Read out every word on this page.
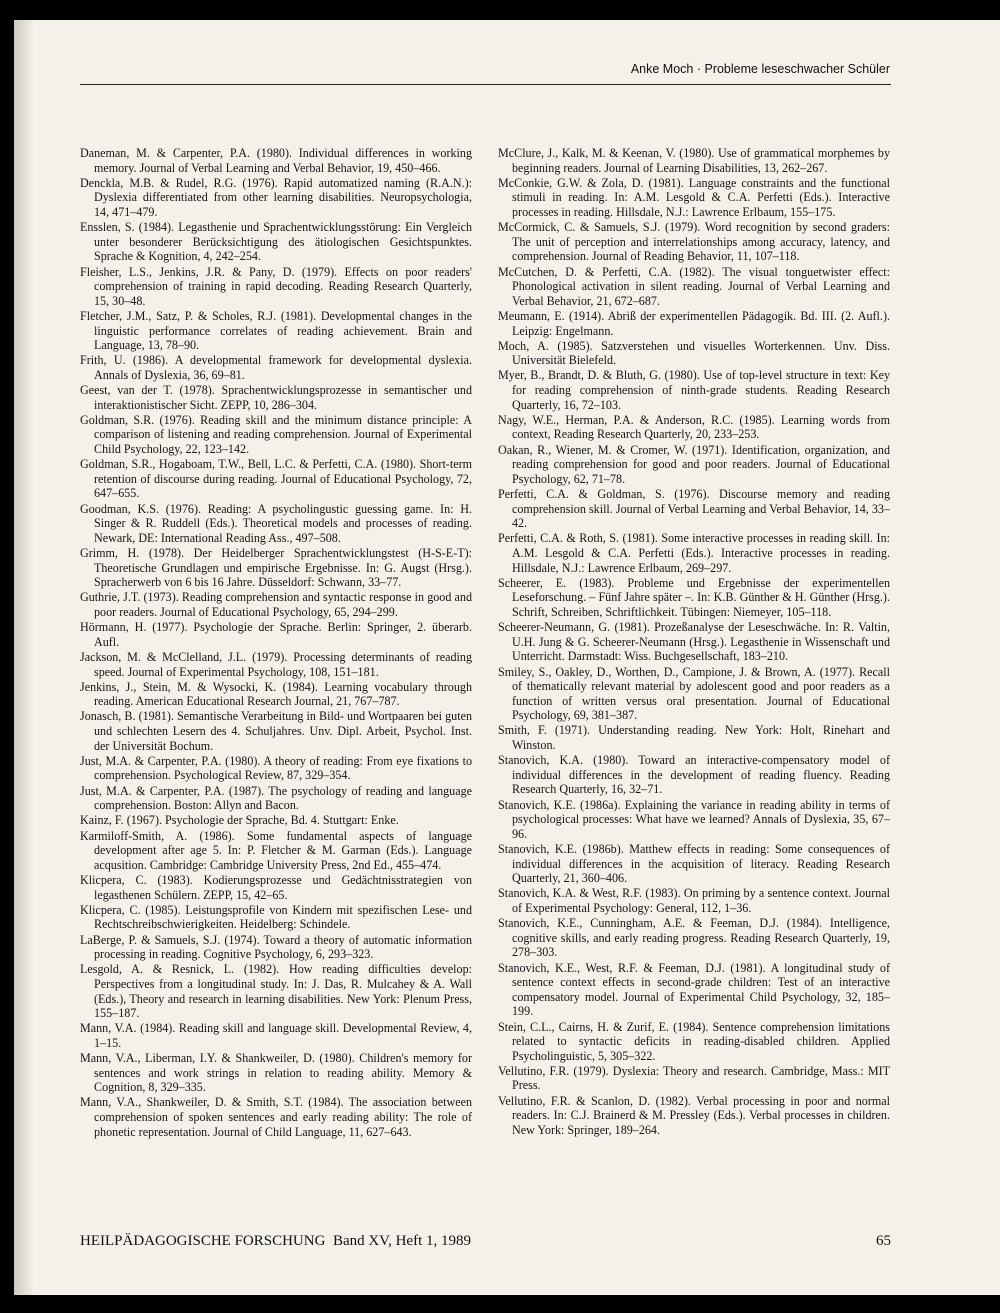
Anke Moch · Probleme leseschwacher Schüler

Daneman, M. & Carpenter, P.A. (1980). Individual differences in working memory. Journal of Verbal Learning and Verbal Behavior, 19, 450–466.

Denckla, M.B. & Rudel, R.G. (1976). Rapid automatized naming (R.A.N.): Dyslexia differentiated from other learning disabilities. Neuropsychologia, 14, 471–479.

Ensslen, S. (1984). Legasthenie und Sprachentwicklungsstörung: Ein Vergleich unter besonderer Berücksichtigung des ätiologischen Gesichtspunktes. Sprache & Kognition, 4, 242–254.

Fleisher, L.S., Jenkins, J.R. & Pany, D. (1979). Effects on poor readers' comprehension of training in rapid decoding. Reading Research Quarterly, 15, 30–48.

Fletcher, J.M., Satz, P. & Scholes, R.J. (1981). Developmental changes in the linguistic performance correlates of reading achievement. Brain and Language, 13, 78–90.

Frith, U. (1986). A developmental framework for developmental dyslexia. Annals of Dyslexia, 36, 69–81.

Geest, van der T. (1978). Sprachentwicklungsprozesse in semantischer und interaktionistischer Sicht. ZEPP, 10, 286–304.

Goldman, S.R. (1976). Reading skill and the minimum distance principle: A comparison of listening and reading comprehension. Journal of Experimental Child Psychology, 22, 123–142.

Goldman, S.R., Hogaboam, T.W., Bell, L.C. & Perfetti, C.A. (1980). Short-term retention of discourse during reading. Journal of Educational Psychology, 72, 647–655.

Goodman, K.S. (1976). Reading: A psycholingustic guessing game. In: H. Singer & R. Ruddell (Eds.). Theoretical models and processes of reading. Newark, DE: International Reading Ass., 497–508.

Grimm, H. (1978). Der Heidelberger Sprachentwicklungstest (H-S-E-T): Theoretische Grundlagen und empirische Ergebnisse. In: G. Augst (Hrsg.). Spracherwerb von 6 bis 16 Jahre. Düsseldorf: Schwann, 33–77.

Guthrie, J.T. (1973). Reading comprehension and syntactic response in good and poor readers. Journal of Educational Psychology, 65, 294–299.

Hörmann, H. (1977). Psychologie der Sprache. Berlin: Springer, 2. überarb. Aufl.

Jackson, M. & McClelland, J.L. (1979). Processing determinants of reading speed. Journal of Experimental Psychology, 108, 151–181.

Jenkins, J., Stein, M. & Wysocki, K. (1984). Learning vocabulary through reading. American Educational Research Journal, 21, 767–787.

Jonasch, B. (1981). Semantische Verarbeitung in Bild- und Wortpaaren bei guten und schlechten Lesern des 4. Schuljahres. Unv. Dipl. Arbeit, Psychol. Inst. der Universität Bochum.

Just, M.A. & Carpenter, P.A. (1980). A theory of reading: From eye fixations to comprehension. Psychological Review, 87, 329–354.

Just, M.A. & Carpenter, P.A. (1987). The psychology of reading and language comprehension. Boston: Allyn and Bacon.

Kainz, F. (1967). Psychologie der Sprache, Bd. 4. Stuttgart: Enke.

Karmiloff-Smith, A. (1986). Some fundamental aspects of language development after age 5. In: P. Fletcher & M. Garman (Eds.). Language acqusition. Cambridge: Cambridge University Press, 2nd Ed., 455–474.

Klicpera, C. (1983). Kodierungsprozesse und Gedächtnisstrategien von legasthenen Schülern. ZEPP, 15, 42–65.

Klicpera, C. (1985). Leistungsprofile von Kindern mit spezifischen Lese- und Rechtschreibschwierigkeiten. Heidelberg: Schindele.

LaBerge, P. & Samuels, S.J. (1974). Toward a theory of automatic information processing in reading. Cognitive Psychology, 6, 293–323.

Lesgold, A. & Resnick, L. (1982). How reading difficulties develop: Perspectives from a longitudinal study. In: J. Das, R. Mulcahey & A. Wall (Eds.), Theory and research in learning disabilities. New York: Plenum Press, 155–187.

Mann, V.A. (1984). Reading skill and language skill. Developmental Review, 4, 1–15.

Mann, V.A., Liberman, I.Y. & Shankweiler, D. (1980). Children's memory for sentences and work strings in relation to reading ability. Memory & Cognition, 8, 329–335.

Mann, V.A., Shankweiler, D. & Smith, S.T. (1984). The association between comprehension of spoken sentences and early reading ability: The role of phonetic representation. Journal of Child Language, 11, 627–643.

McClure, J., Kalk, M. & Keenan, V. (1980). Use of grammatical morphemes by beginning readers. Journal of Learning Disabilities, 13, 262–267.

McConkie, G.W. & Zola, D. (1981). Language constraints and the functional stimuli in reading. In: A.M. Lesgold & C.A. Perfetti (Eds.). Interactive processes in reading. Hillsdale, N.J.: Lawrence Erlbaum, 155–175.

McCormick, C. & Samuels, S.J. (1979). Word recognition by second graders: The unit of perception and interrelationships among accuracy, latency, and comprehension. Journal of Reading Behavior, 11, 107–118.

McCutchen, D. & Perfetti, C.A. (1982). The visual tonguetwister effect: Phonological activation in silent reading. Journal of Verbal Learning and Verbal Behavior, 21, 672–687.

Meumann, E. (1914). Abriß der experimentellen Pädagogik. Bd. III. (2. Aufl.). Leipzig: Engelmann.

Moch, A. (1985). Satzverstehen und visuelles Worterkennen. Unv. Diss. Universität Bielefeld.

Myer, B., Brandt, D. & Bluth, G. (1980). Use of top-level structure in text: Key for reading comprehension of ninth-grade students. Reading Research Quarterly, 16, 72–103.

Nagy, W.E., Herman, P.A. & Anderson, R.C. (1985). Learning words from context, Reading Research Quarterly, 20, 233–253.

Oakan, R., Wiener, M. & Cromer, W. (1971). Identification, organization, and reading comprehension for good and poor readers. Journal of Educational Psychology, 62, 71–78.

Perfetti, C.A. & Goldman, S. (1976). Discourse memory and reading comprehension skill. Journal of Verbal Learning and Verbal Behavior, 14, 33–42.

Perfetti, C.A. & Roth, S. (1981). Some interactive processes in reading skill. In: A.M. Lesgold & C.A. Perfetti (Eds.). Interactive processes in reading. Hillsdale, N.J.: Lawrence Erlbaum, 269–297.

Scheerer, E. (1983). Probleme und Ergebnisse der experimentellen Leseforschung. – Fünf Jahre später –. In: K.B. Günther & H. Günther (Hrsg.). Schrift, Schreiben, Schriftlichkeit. Tübingen: Niemeyer, 105–118.

Scheerer-Neumann, G. (1981). Prozeßanalyse der Leseschwäche. In: R. Valtin, U.H. Jung & G. Scheerer-Neumann (Hrsg.). Legasthenie in Wissenschaft und Unterricht. Darmstadt: Wiss. Buchgesellschaft, 183–210.

Smiley, S., Oakley, D., Worthen, D., Campione, J. & Brown, A. (1977). Recall of thematically relevant material by adolescent good and poor readers as a function of written versus oral presentation. Journal of Educational Psychology, 69, 381–387.

Smith, F. (1971). Understanding reading. New York: Holt, Rinehart and Winston.

Stanovich, K.A. (1980). Toward an interactive-compensatory model of individual differences in the development of reading fluency. Reading Research Quarterly, 16, 32–71.

Stanovich, K.E. (1986a). Explaining the variance in reading ability in terms of psychological processes: What have we learned? Annals of Dyslexia, 35, 67–96.

Stanovich, K.E. (1986b). Matthew effects in reading: Some consequences of individual differences in the acquisition of literacy. Reading Research Quarterly, 21, 360–406.

Stanovich, K.A. & West, R.F. (1983). On priming by a sentence context. Journal of Experimental Psychology: General, 112, 1–36.

Stanovich, K.E., Cunningham, A.E. & Feeman, D.J. (1984). Intelligence, cognitive skills, and early reading progress. Reading Research Quarterly, 19, 278–303.

Stanovich, K.E., West, R.F. & Feeman, D.J. (1981). A longitudinal study of sentence context effects in second-grade children: Test of an interactive compensatory model. Journal of Experimental Child Psychology, 32, 185–199.

Stein, C.L., Cairns, H. & Zurif, E. (1984). Sentence comprehension limitations related to syntactic deficits in reading-disabled children. Applied Psycholinguistic, 5, 305–322.

Vellutino, F.R. (1979). Dyslexia: Theory and research. Cambridge, Mass.: MIT Press.

Vellutino, F.R. & Scanlon, D. (1982). Verbal processing in poor and normal readers. In: C.J. Brainerd & M. Pressley (Eds.). Verbal processes in children. New York: Springer, 189–264.

HEILPÄDAGOGISCHE FORSCHUNG Band XV, Heft 1, 1989	65
